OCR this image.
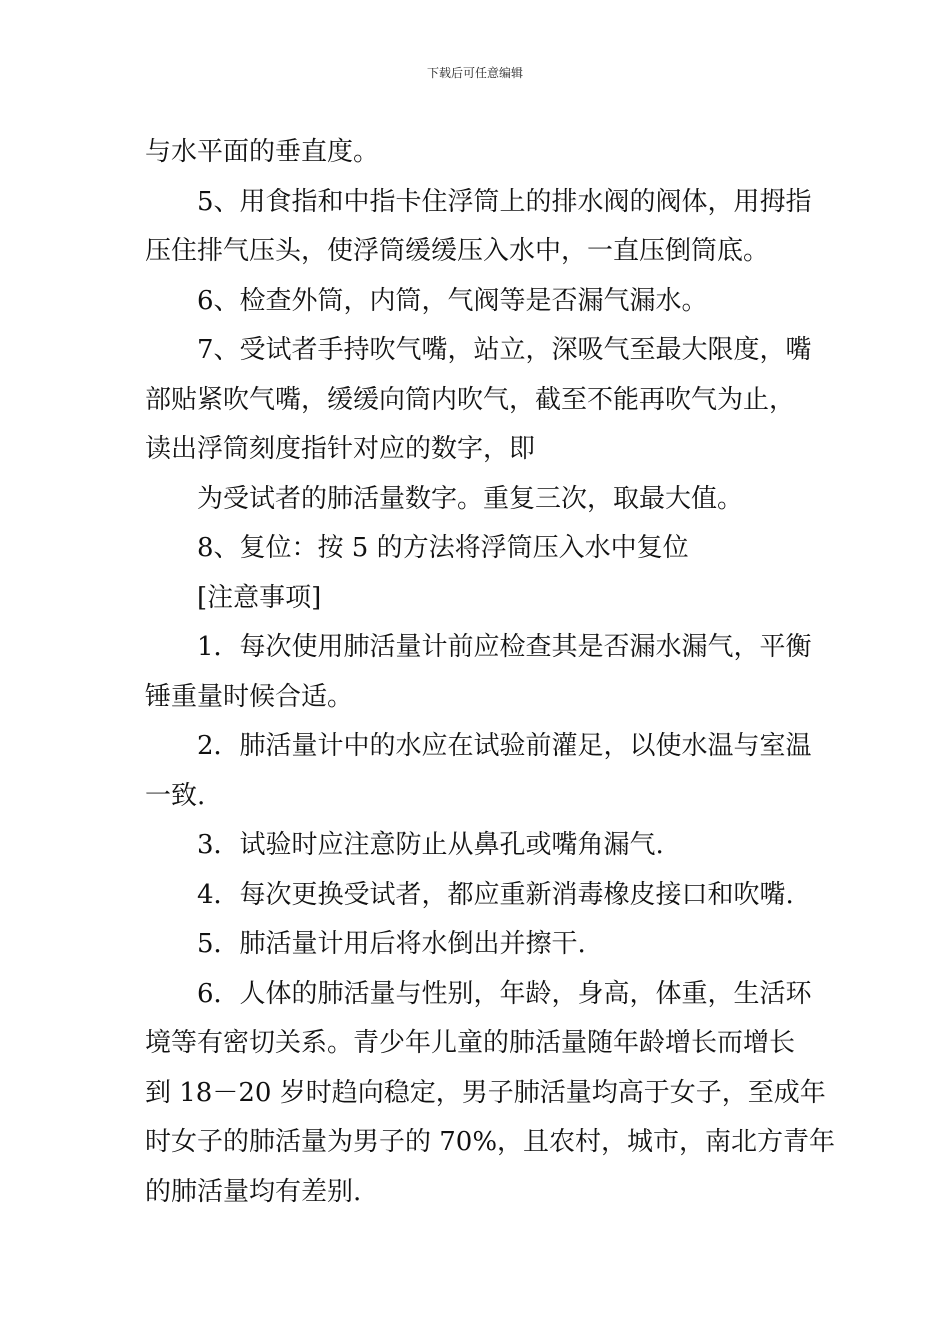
下载后可任意编辑

与水平面的垂直度。

5、用食指和中指卡住浮筒上的排水阀的阀体，用拇指
压住排气压头，使浮筒缓缓压入水中，一直压倒筒底。

6、检查外筒，内筒，气阀等是否漏气漏水。

7、受试者手持吹气嘴，站立，深吸气至最大限度，嘴
部贴紧吹气嘴，缓缓向筒内吹气，截至不能再吹气为止，
读出浮筒刻度指针对应的数字，即

为受试者的肺活量数字。重复三次，取最大值。

8、复位：按 5 的方法将浮筒压入水中复位

[注意事项]

1．每次使用肺活量计前应检查其是否漏水漏气，平衡
锤重量时候合适。

2．肺活量计中的水应在试验前灌足，以使水温与室温
一致.

3．试验时应注意防止从鼻孔或嘴角漏气.

4．每次更换受试者，都应重新消毒橡皮接口和吹嘴.

5．肺活量计用后将水倒出并擦干.

6．人体的肺活量与性别，年龄，身高，体重，生活环
境等有密切关系。青少年儿童的肺活量随年龄增长而增长
到 18－20 岁时趋向稳定，男子肺活量均高于女子，至成年
时女子的肺活量为男子的 70%，且农村，城市，南北方青年
的肺活量均有差别.
